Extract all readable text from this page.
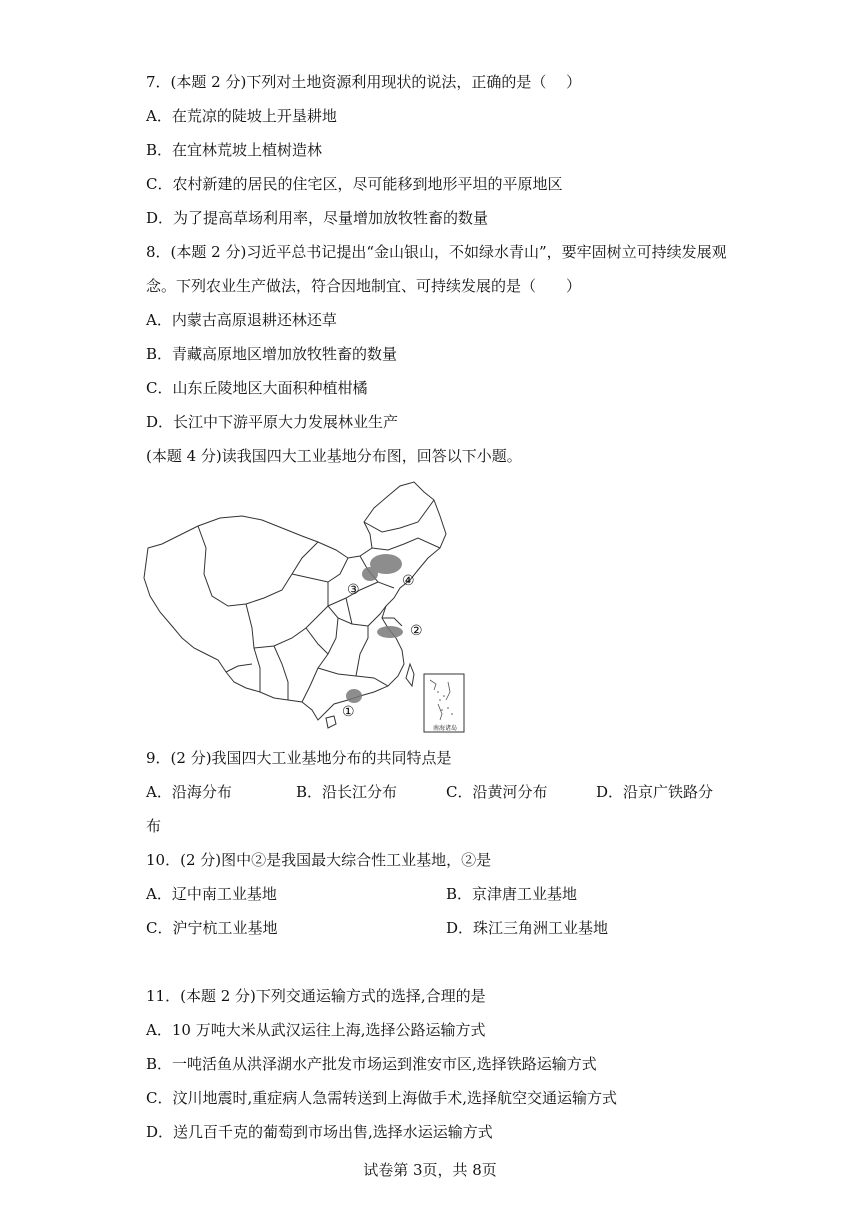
7．(本题 2 分)下列对土地资源利用现状的说法，正确的是（　 ）
A．在荒凉的陡坡上开垦耕地
B．在宜林荒坡上植树造林
C．农村新建的居民的住宅区，尽可能移到地形平坦的平原地区
D．为了提高草场利用率，尽量增加放牧牲畜的数量
8．(本题 2 分)习近平总书记提出“金山银山，不如绿水青山”，要牢固树立可持续发展观
念。下列农业生产做法，符合因地制宜、可持续发展的是（　　）
A．内蒙古高原退耕还林还草
B．青藏高原地区增加放牧牲畜的数量
C．山东丘陵地区大面积种植柑橘
D．长江中下游平原大力发展林业生产
(本题 4 分)读我国四大工业基地分布图，回答以下小题。
①
②
③
④
南海诸岛
9．(2 分)我国四大工业基地分布的共同特点是
A．沿海分布	B．沿长江分布	C．沿黄河分布	D．沿京广铁路分
布
10．(2 分)图中②是我国最大综合性工业基地，②是
A．辽中南工业基地	B．京津唐工业基地
C．沪宁杭工业基地	D．珠江三角洲工业基地
11．(本题 2 分)下列交通运输方式的选择,合理的是
A．10 万吨大米从武汉运往上海,选择公路运输方式
B．一吨活鱼从洪泽湖水产批发市场运到淮安市区,选择铁路运输方式
C．汶川地震时,重症病人急需转送到上海做手术,选择航空交通运输方式
D．送几百千克的葡萄到市场出售,选择水运运输方式
试卷第 3页，共 8页
